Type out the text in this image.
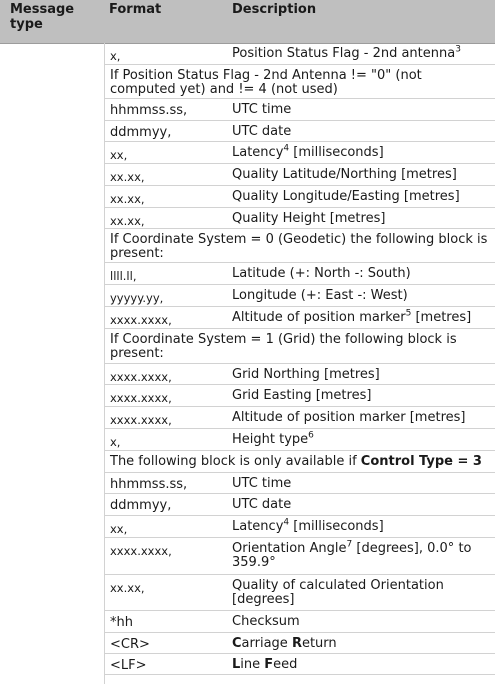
Message type
Format	Description
x,	Position Status Flag - 2nd antenna$^3$
If Position Status Flag - 2nd Antenna != "0" (not computed yet) and != 4 (not used)
hhmmss.ss,	UTC time
ddmmyy,	UTC date
xx,	Latency$^4$ [milliseconds]
xx.xx,	Quality Latitude/Northing [metres]
xx.xx,	Quality Longitude/Easting [metres]
xx.xx,	Quality Height [metres]
If Coordinate System = 0 (Geodetic) the following block is present:
llll.ll,	Latitude (+: North -: South)
yyyyy.yy,	Longitude (+: East -: West)
xxxx.xxxx,	Altitude of position marker$^5$ [metres]
If Coordinate System = 1 (Grid) the following block is present:
xxxx.xxxx,	Grid Northing [metres]
xxxx.xxxx,	Grid Easting [metres]
xxxx.xxxx,	Altitude of position marker [metres]
x,	Height type$^6$
The following block is only available if Control Type = 3
hhmmss.ss,	UTC time
ddmmyy,	UTC date
xx,	Latency$^4$ [milliseconds]
xxxx.xxxx,	Orientation Angle$^7$ [degrees], 0.0° to 359.9°
xx.xx,	Quality of calculated Orientation [degrees]
*hh	Checksum
<CR>	Carriage Return
<LF>	Line Feed
